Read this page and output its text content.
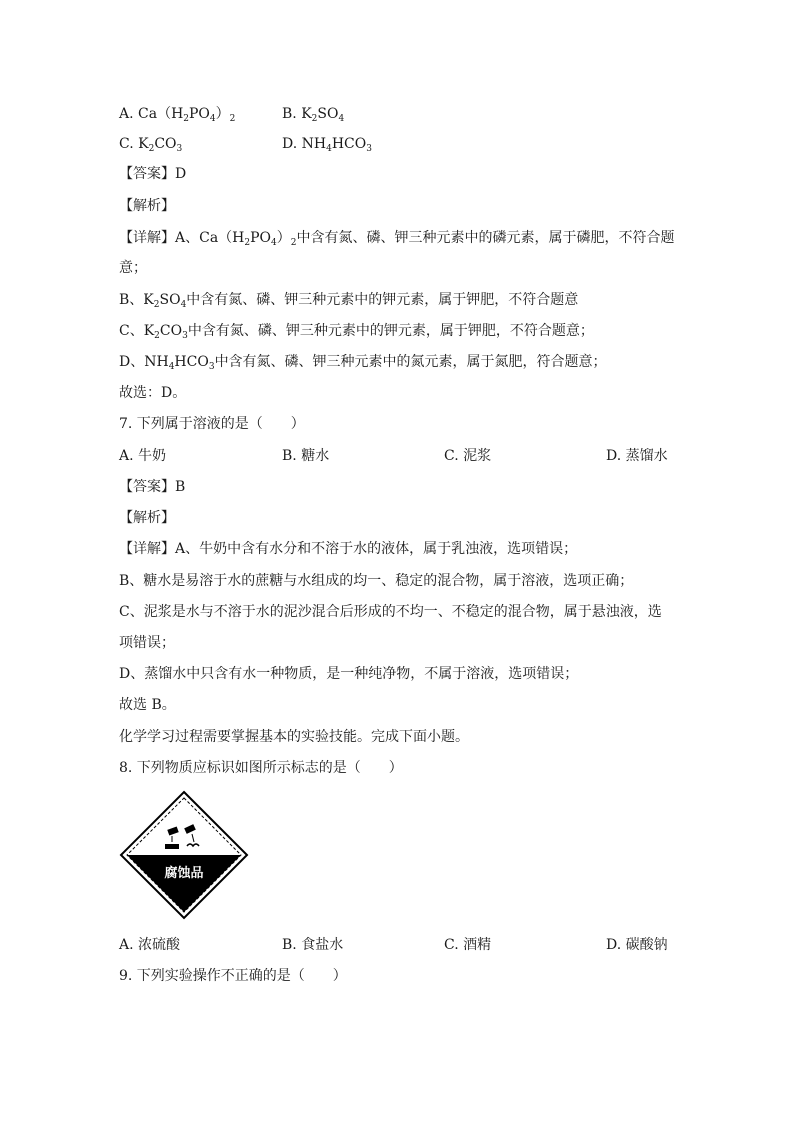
A. $Ca(H_2PO_4)_2$	B. $K_2SO_4$
C. $K_2CO_3$	D. $NH_4HCO_3$
【答案】D
【解析】
【详解】A、$Ca(H_2PO_4)_2$中含有氮、磷、钾三种元素中的磷元素，属于磷肥，不符合题
意；
B、$K_2SO_4$中含有氮、磷、钾三种元素中的钾元素，属于钾肥，不符合题意
C、$K_2CO_3$中含有氮、磷、钾三种元素中的钾元素，属于钾肥，不符合题意；
D、$NH_4HCO_3$中含有氮、磷、钾三种元素中的氮元素，属于氮肥，符合题意；
故选：D。
7. 下列属于溶液的是（　　）
A. 牛奶	B. 糖水	C. 泥浆	D. 蒸馏水
【答案】B
【解析】
【详解】A、牛奶中含有水分和不溶于水的液体，属于乳浊液，选项错误；
B、糖水是易溶于水的蔗糖与水组成的均一、稳定的混合物，属于溶液，选项正确；
C、泥浆是水与不溶于水的泥沙混合后形成的不均一、不稳定的混合物，属于悬浊液，选
项错误；
D、蒸馏水中只含有水一种物质，是一种纯净物，不属于溶液，选项错误；
故选 B。
化学学习过程需要掌握基本的实验技能。完成下面小题。
8. 下列物质应标识如图所示标志的是（　　）
腐蚀品
A. 浓硫酸	B. 食盐水	C. 酒精	D. 碳酸钠
9. 下列实验操作不正确的是（　　）
